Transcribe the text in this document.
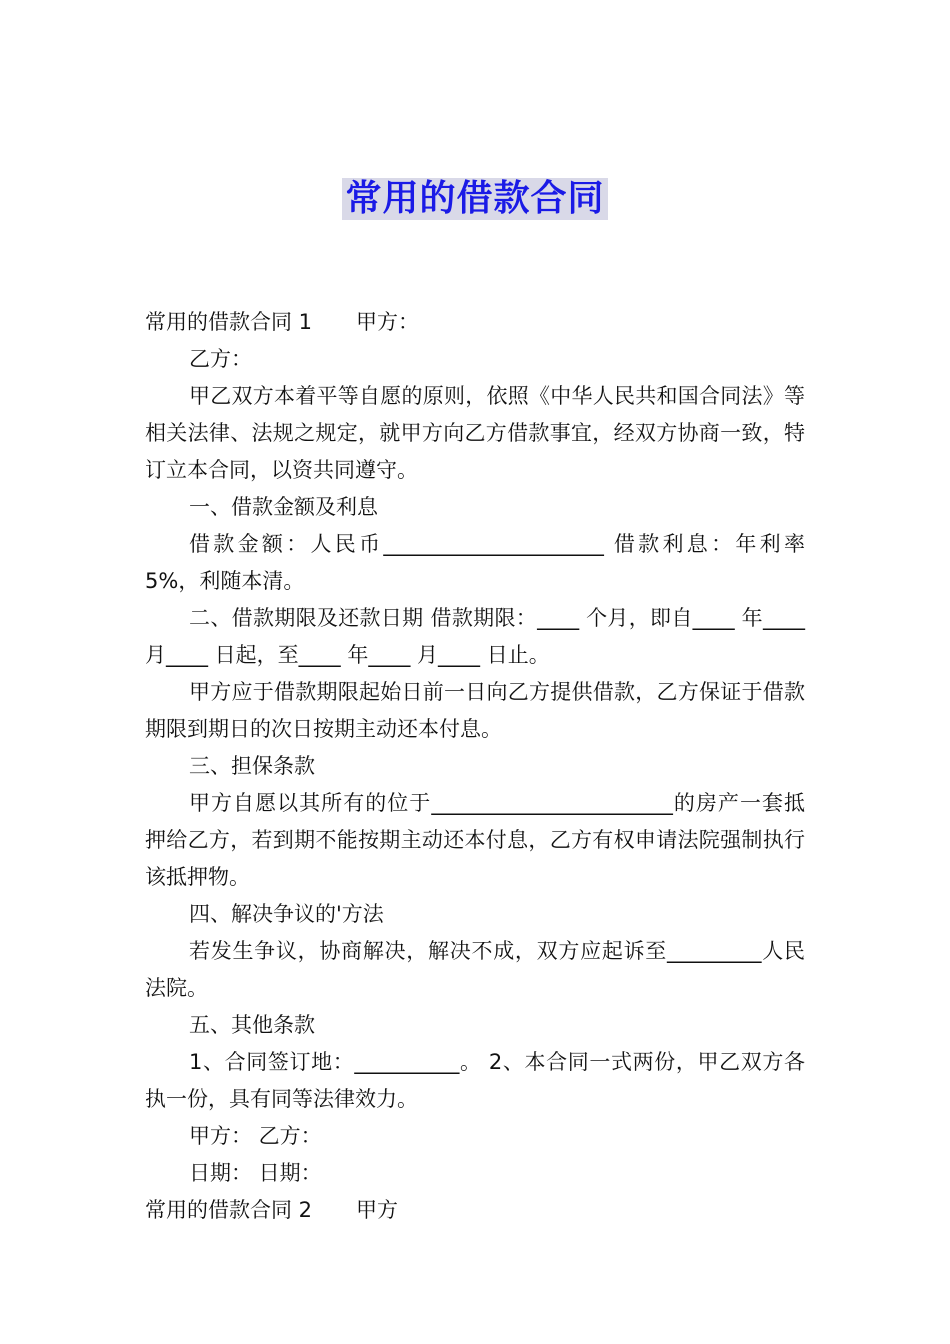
常用的借款合同

常用的借款合同 1 甲方：

乙方：

甲乙双方本着平等自愿的原则，依照《中华人民共和国合同法》等相关法律、法规之规定，就甲方向乙方借款事宜，经双方协商一致，特订立本合同，以资共同遵守。

一、借款金额及利息

借款金额：人民币_____________________ 借款利息：年利率 5%，利随本清。

二、借款期限及还款日期 借款期限：____ 个月，即自____ 年____ 月____ 日起，至____ 年____ 月____ 日止。

甲方应于借款期限起始日前一日向乙方提供借款，乙方保证于借款期限到期日的次日按期主动还本付息。

三、担保条款

甲方自愿以其所有的位于_______________________的房产一套抵押给乙方，若到期不能按期主动还本付息，乙方有权申请法院强制执行该抵押物。

四、解决争议的'方法

若发生争议，协商解决，解决不成，双方应起诉至_________人民法院。

五、其他条款

1、合同签订地：__________。 2、本合同一式两份，甲乙双方各执一份，具有同等法律效力。

甲方： 乙方：

日期： 日期：

常用的借款合同 2 甲方
